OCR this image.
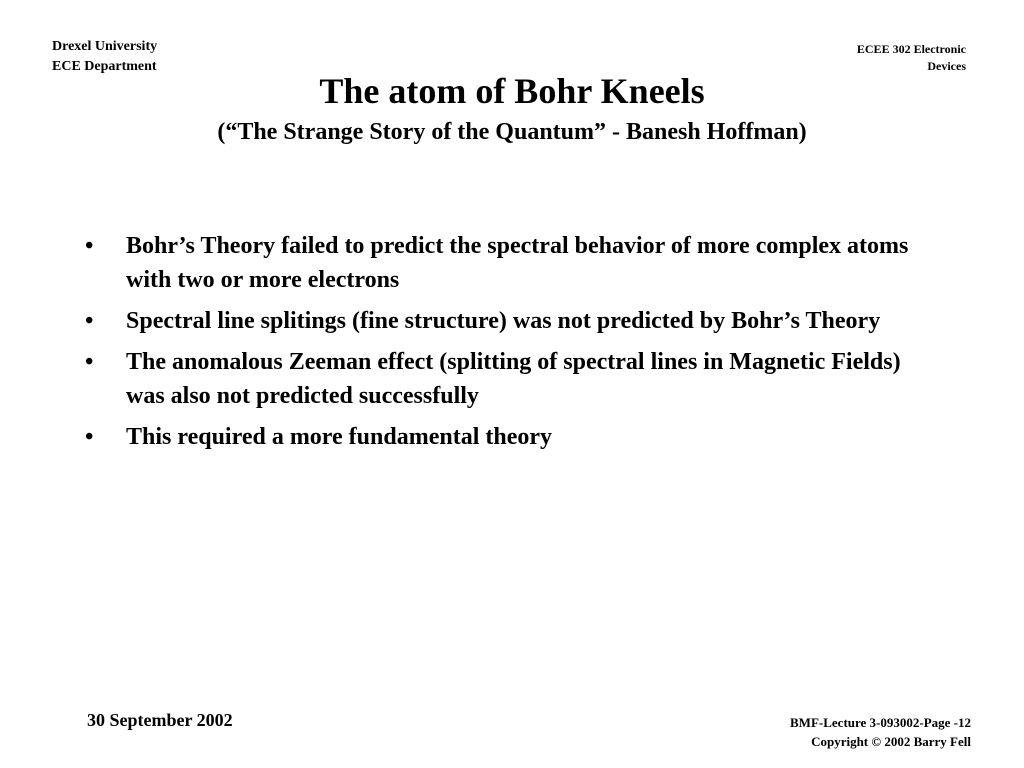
Drexel University
ECE Department
ECEE 302 Electronic
Devices
The atom of Bohr Kneels
(“The Strange Story of the Quantum” - Banesh Hoffman)
• Bohr’s Theory failed to predict the spectral behavior of more complex atoms with two or more electrons
• Spectral line splitings (fine structure) was not predicted by Bohr’s Theory
• The anomalous Zeeman effect (splitting of spectral lines in Magnetic Fields) was also not predicted successfully
• This required a more fundamental theory
30 September 2002	BMF-Lecture 3-093002-Page -12
Copyright © 2002 Barry Fell
